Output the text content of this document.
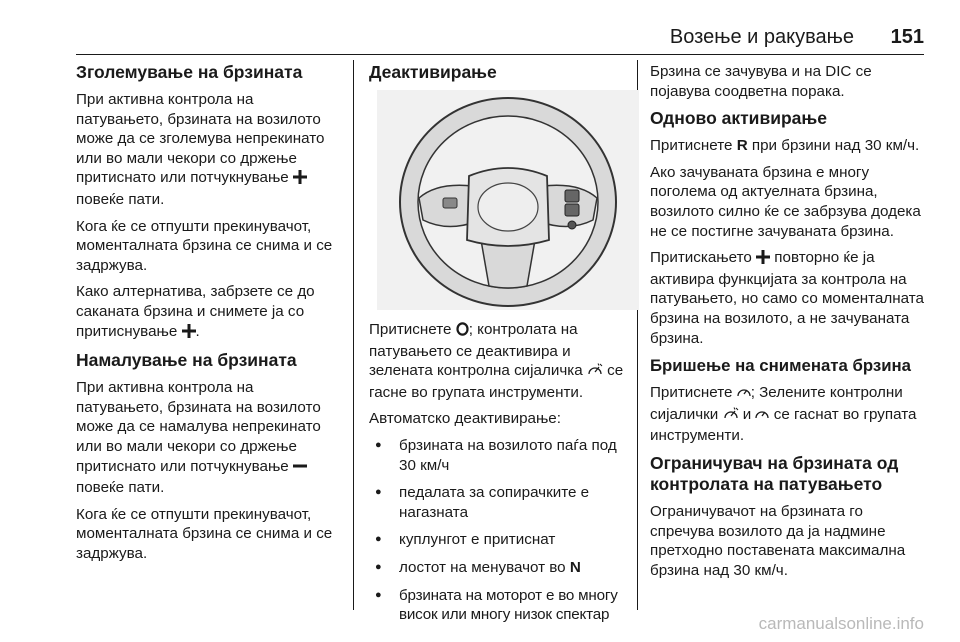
Возење и ракување 151
Зголемување на брзината

При активна контрола на патувањето, брзината на возилото може да се зголемува непрекинато или во мали чекори со држење притиснато или потчукнување  повеќе пати.

Кога ќе се отпушти прекинувачот, моменталната брзина се снима и се задржува.

Како алтернатива, забрзете се до саканата брзина и снимете ја со притиснување .

Намалување на брзината

При активна контрола на патувањето, брзината на возилото може да се намалува непрекинато или во мали чекори со држење притиснато или потчукнување  повеќе пати.

Кога ќе се отпушти прекинувачот, моменталната брзина се снима и се задржува.

Деактивирање

Притиснете ; контролата на патувањето се деактивира и зелената контролна сијаличка се гасне во групата инструменти.

Автоматско деактивирање:

● брзината на возилото паѓа под 30 км/ч
● педалата за сопирачките е нагазната
● куплунгот е притиснат
● лостот на менувачот во N
● брзината на моторот е во многу висок или многу низок спектар

Брзина се зачувува и на DIC се појавува соодветна порака.

Одново активирање

Притиснете R при брзини над 30 км/ч.

Ако зачуваната брзина е многу поголема од актуелната брзина, возилото силно ќе се забрзува додека не се постигне зачуваната брзина.

Притискањето повторно ќе ја активира функцијата за контрола на патувањето, но само со моменталната брзина на возилото, а не зачуваната брзина.

Бришење на снимената брзина

Притиснете ; Зелените контролни сијалички и се гаснат во групата инструменти.

Ограничувач на брзината од контролата на патувањето

Ограничувачот на брзината го спречува возилото да ја надмине претходно поставената максимална брзина над 30 км/ч.

carmanualsonline.info
